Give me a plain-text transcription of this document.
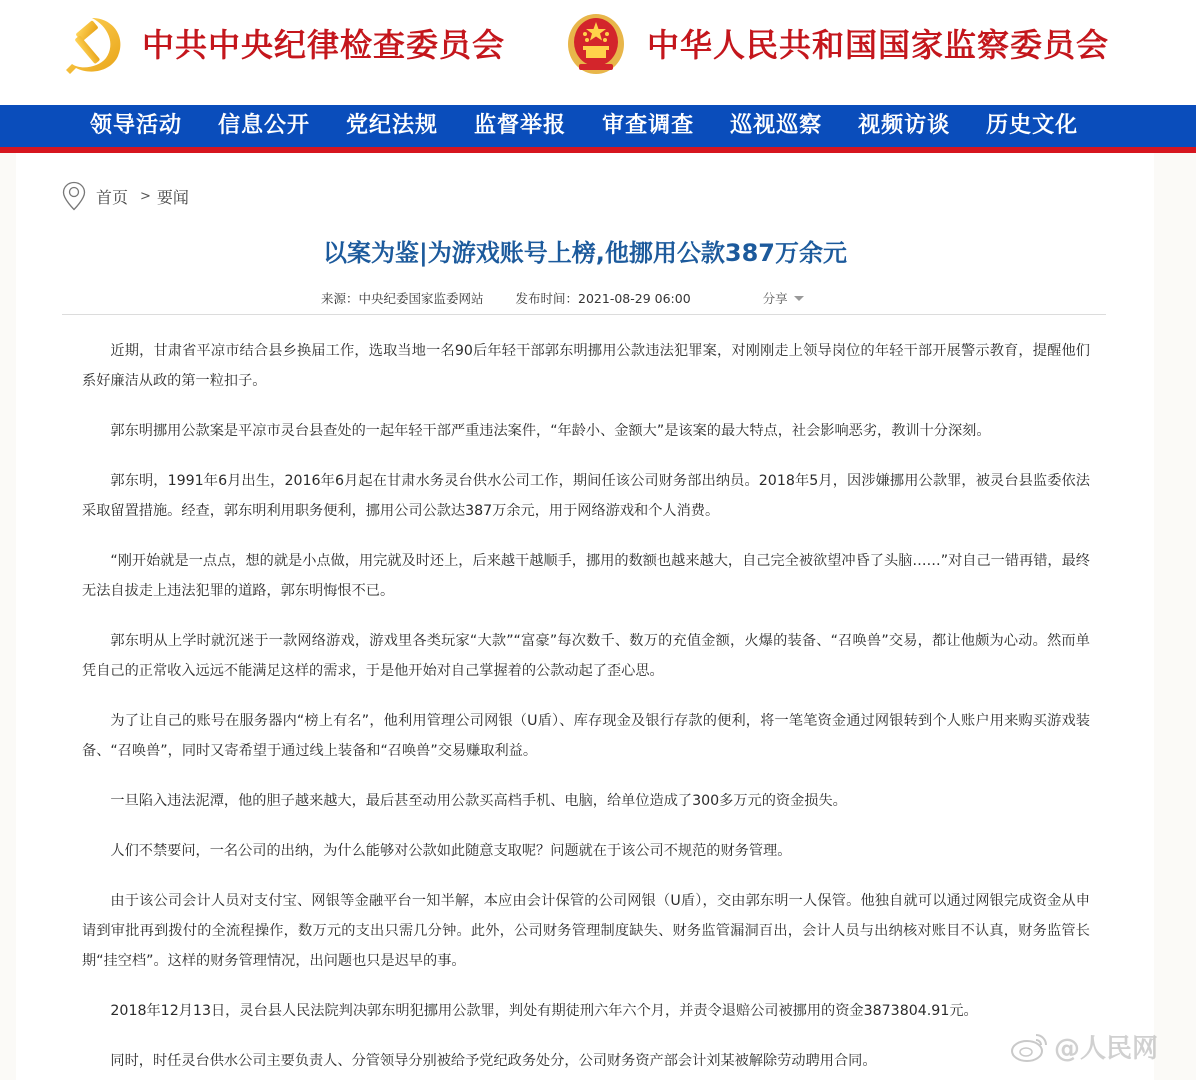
中共中央纪律检查委员会	中华人民共和国国家监察委员会
领导活动 信息公开 党纪法规 监督举报 审查调查 巡视巡察 视频访谈 历史文化
首页 > 要闻
以案为鉴|为游戏账号上榜,他挪用公款387万余元
来源：中央纪委国家监委网站	发布时间：2021-08-29 06:00	分享

近期，甘肃省平凉市结合县乡换届工作，选取当地一名90后年轻干部郭东明挪用公款违法犯罪案，对刚刚走上领导岗位的年轻干部开展警示教育，提醒他们系好廉洁从政的第一粒扣子。

郭东明挪用公款案是平凉市灵台县查处的一起年轻干部严重违法案件，“年龄小、金额大”是该案的最大特点，社会影响恶劣，教训十分深刻。

郭东明，1991年6月出生，2016年6月起在甘肃水务灵台供水公司工作，期间任该公司财务部出纳员。2018年5月，因涉嫌挪用公款罪，被灵台县监委依法采取留置措施。经查，郭东明利用职务便利，挪用公司公款达387万余元，用于网络游戏和个人消费。

“刚开始就是一点点，想的就是小点做，用完就及时还上，后来越干越顺手，挪用的数额也越来越大，自己完全被欲望冲昏了头脑……”对自己一错再错，最终无法自拔走上违法犯罪的道路，郭东明悔恨不已。

郭东明从上学时就沉迷于一款网络游戏，游戏里各类玩家“大款”“富豪”每次数千、数万的充值金额，火爆的装备、“召唤兽”交易，都让他颇为心动。然而单凭自己的正常收入远远不能满足这样的需求，于是他开始对自己掌握着的公款动起了歪心思。

为了让自己的账号在服务器内“榜上有名”，他利用管理公司网银（U盾）、库存现金及银行存款的便利，将一笔笔资金通过网银转到个人账户用来购买游戏装备、“召唤兽”，同时又寄希望于通过线上装备和“召唤兽”交易赚取利益。

一旦陷入违法泥潭，他的胆子越来越大，最后甚至动用公款买高档手机、电脑，给单位造成了300多万元的资金损失。

人们不禁要问，一名公司的出纳，为什么能够对公款如此随意支取呢？问题就在于该公司不规范的财务管理。

由于该公司会计人员对支付宝、网银等金融平台一知半解，本应由会计保管的公司网银（U盾），交由郭东明一人保管。他独自就可以通过网银完成资金从申请到审批再到拨付的全流程操作，数万元的支出只需几分钟。此外，公司财务管理制度缺失、财务监管漏洞百出，会计人员与出纳核对账目不认真，财务监管长期“挂空档”。这样的财务管理情况，出问题也只是迟早的事。

2018年12月13日，灵台县人民法院判决郭东明犯挪用公款罪，判处有期徒刑六年六个月，并责令退赔公司被挪用的资金3873804.91元。

同时，时任灵台供水公司主要负责人、分管领导分别被给予党纪政务处分，公司财务资产部会计刘某被解除劳动聘用合同。	@人民网
